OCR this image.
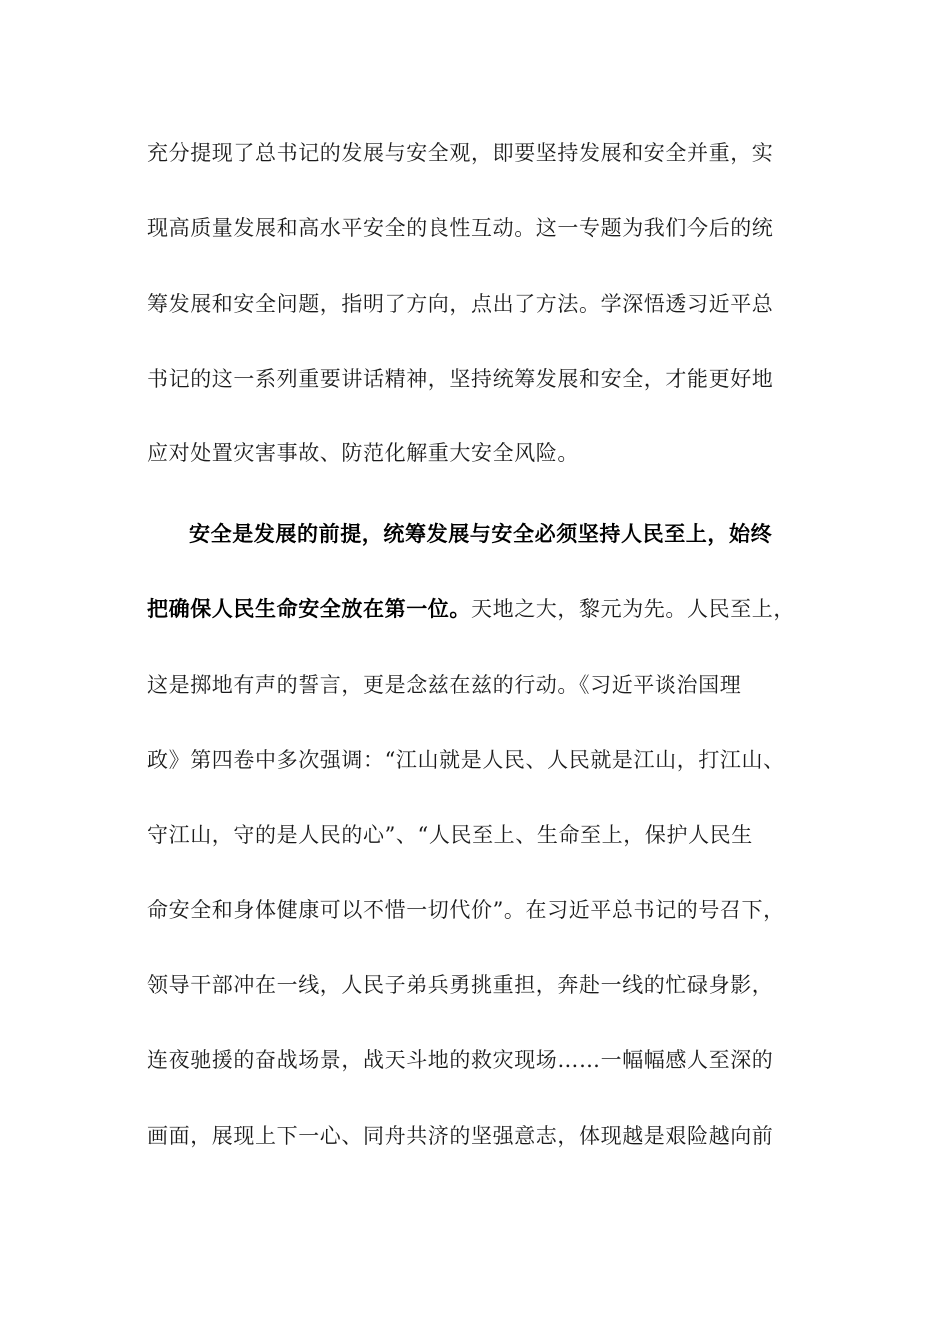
充分提现了总书记的发展与安全观，即要坚持发展和安全并重，实
现高质量发展和高水平安全的良性互动。这一专题为我们今后的统
筹发展和安全问题，指明了方向，点出了方法。学深悟透习近平总
书记的这一系列重要讲话精神，坚持统筹发展和安全，才能更好地
应对处置灾害事故、防范化解重大安全风险。
安全是发展的前提，统筹发展与安全必须坚持人民至上，始终
把确保人民生命安全放在第一位。天地之大，黎元为先。人民至上，
这是掷地有声的誓言，更是念兹在兹的行动。《习近平谈治国理
政》第四卷中多次强调：“江山就是人民、人民就是江山，打江山、
守江山，守的是人民的心”、“人民至上、生命至上，保护人民生
命安全和身体健康可以不惜一切代价”。在习近平总书记的号召下，
领导干部冲在一线，人民子弟兵勇挑重担，奔赴一线的忙碌身影，
连夜驰援的奋战场景，战天斗地的救灾现场……一幅幅感人至深的
画面，展现上下一心、同舟共济的坚强意志，体现越是艰险越向前
